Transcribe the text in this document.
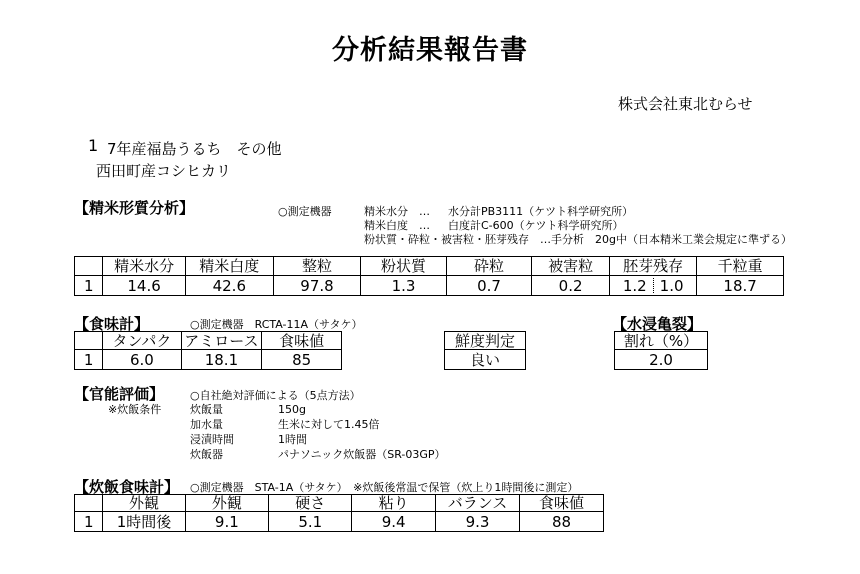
分析結果報告書
株式会社東北むらせ
1 7年産福島うるち　その他
西田町産コシヒカリ
【精米形質分析】	○測定機器	精米水分　… 水分計PB3111（ケツト科学研究所）
精米白度　… 白度計C-600（ケツト科学研究所）
粉状質・砕粒・被害粒・胚芽残存　…手分析　20g中（日本精米工業会規定に準ずる）
	精米水分	精米白度	整粒	粉状質	砕粒	被害粒	胚芽残存	千粒重
1	14.6	42.6	97.8	1.3	0.7	0.2	1.2 1.0	18.7
【食味計】	○測定機器　RCTA-11A（サタケ）
	タンパク	アミロース	食味値
1	6.0	18.1	85
鮮度判定
良い
【水浸亀裂】
割れ（%）
2.0
【官能評価】 ○自社絶対評価による（5点方法）
※炊飯条件	炊飯量	150g
加水量	生米に対して1.45倍
浸漬時間	1時間
炊飯器	パナソニック炊飯器（SR-03GP）
【炊飯食味計】 ○測定機器　STA-1A（サタケ）　※炊飯後常温で保管（炊上り1時間後に測定）
	外観	外観	硬さ	粘り	バランス	食味値
1	1時間後	9.1	5.1	9.4	9.3	88
